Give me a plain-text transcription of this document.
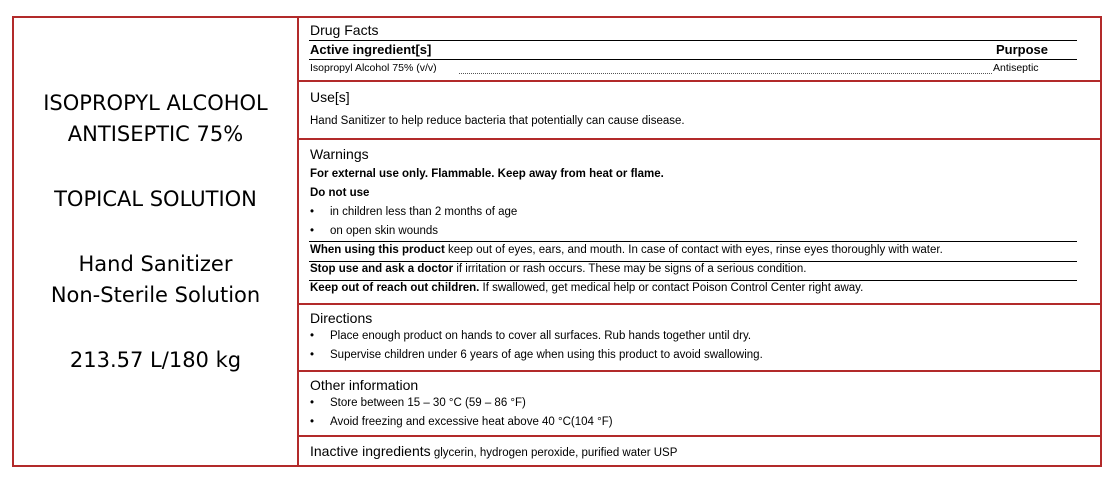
ISOPROPYL ALCOHOL
ANTISEPTIC 75%
TOPICAL SOLUTION
Hand Sanitizer
Non-Sterile Solution
213.57 L/180 kg
Drug Facts
Active ingredient[s]	Purpose
Isopropyl Alcohol 75% (v/v)	Antiseptic
Use[s]
Hand Sanitizer to help reduce bacteria that potentially can cause disease.
Warnings
For external use only. Flammable. Keep away from heat or flame.
Do not use
• in children less than 2 months of age
• on open skin wounds
When using this product keep out of eyes, ears, and mouth. In case of contact with eyes, rinse eyes thoroughly with water.
Stop use and ask a doctor if irritation or rash occurs. These may be signs of a serious condition.
Keep out of reach out children. If swallowed, get medical help or contact Poison Control Center right away.
Directions
• Place enough product on hands to cover all surfaces. Rub hands together until dry.
• Supervise children under 6 years of age when using this product to avoid swallowing.
Other information
• Store between 15 – 30 °C (59 – 86 °F)
• Avoid freezing and excessive heat above 40 °C(104 °F)
Inactive ingredients glycerin, hydrogen peroxide, purified water USP
